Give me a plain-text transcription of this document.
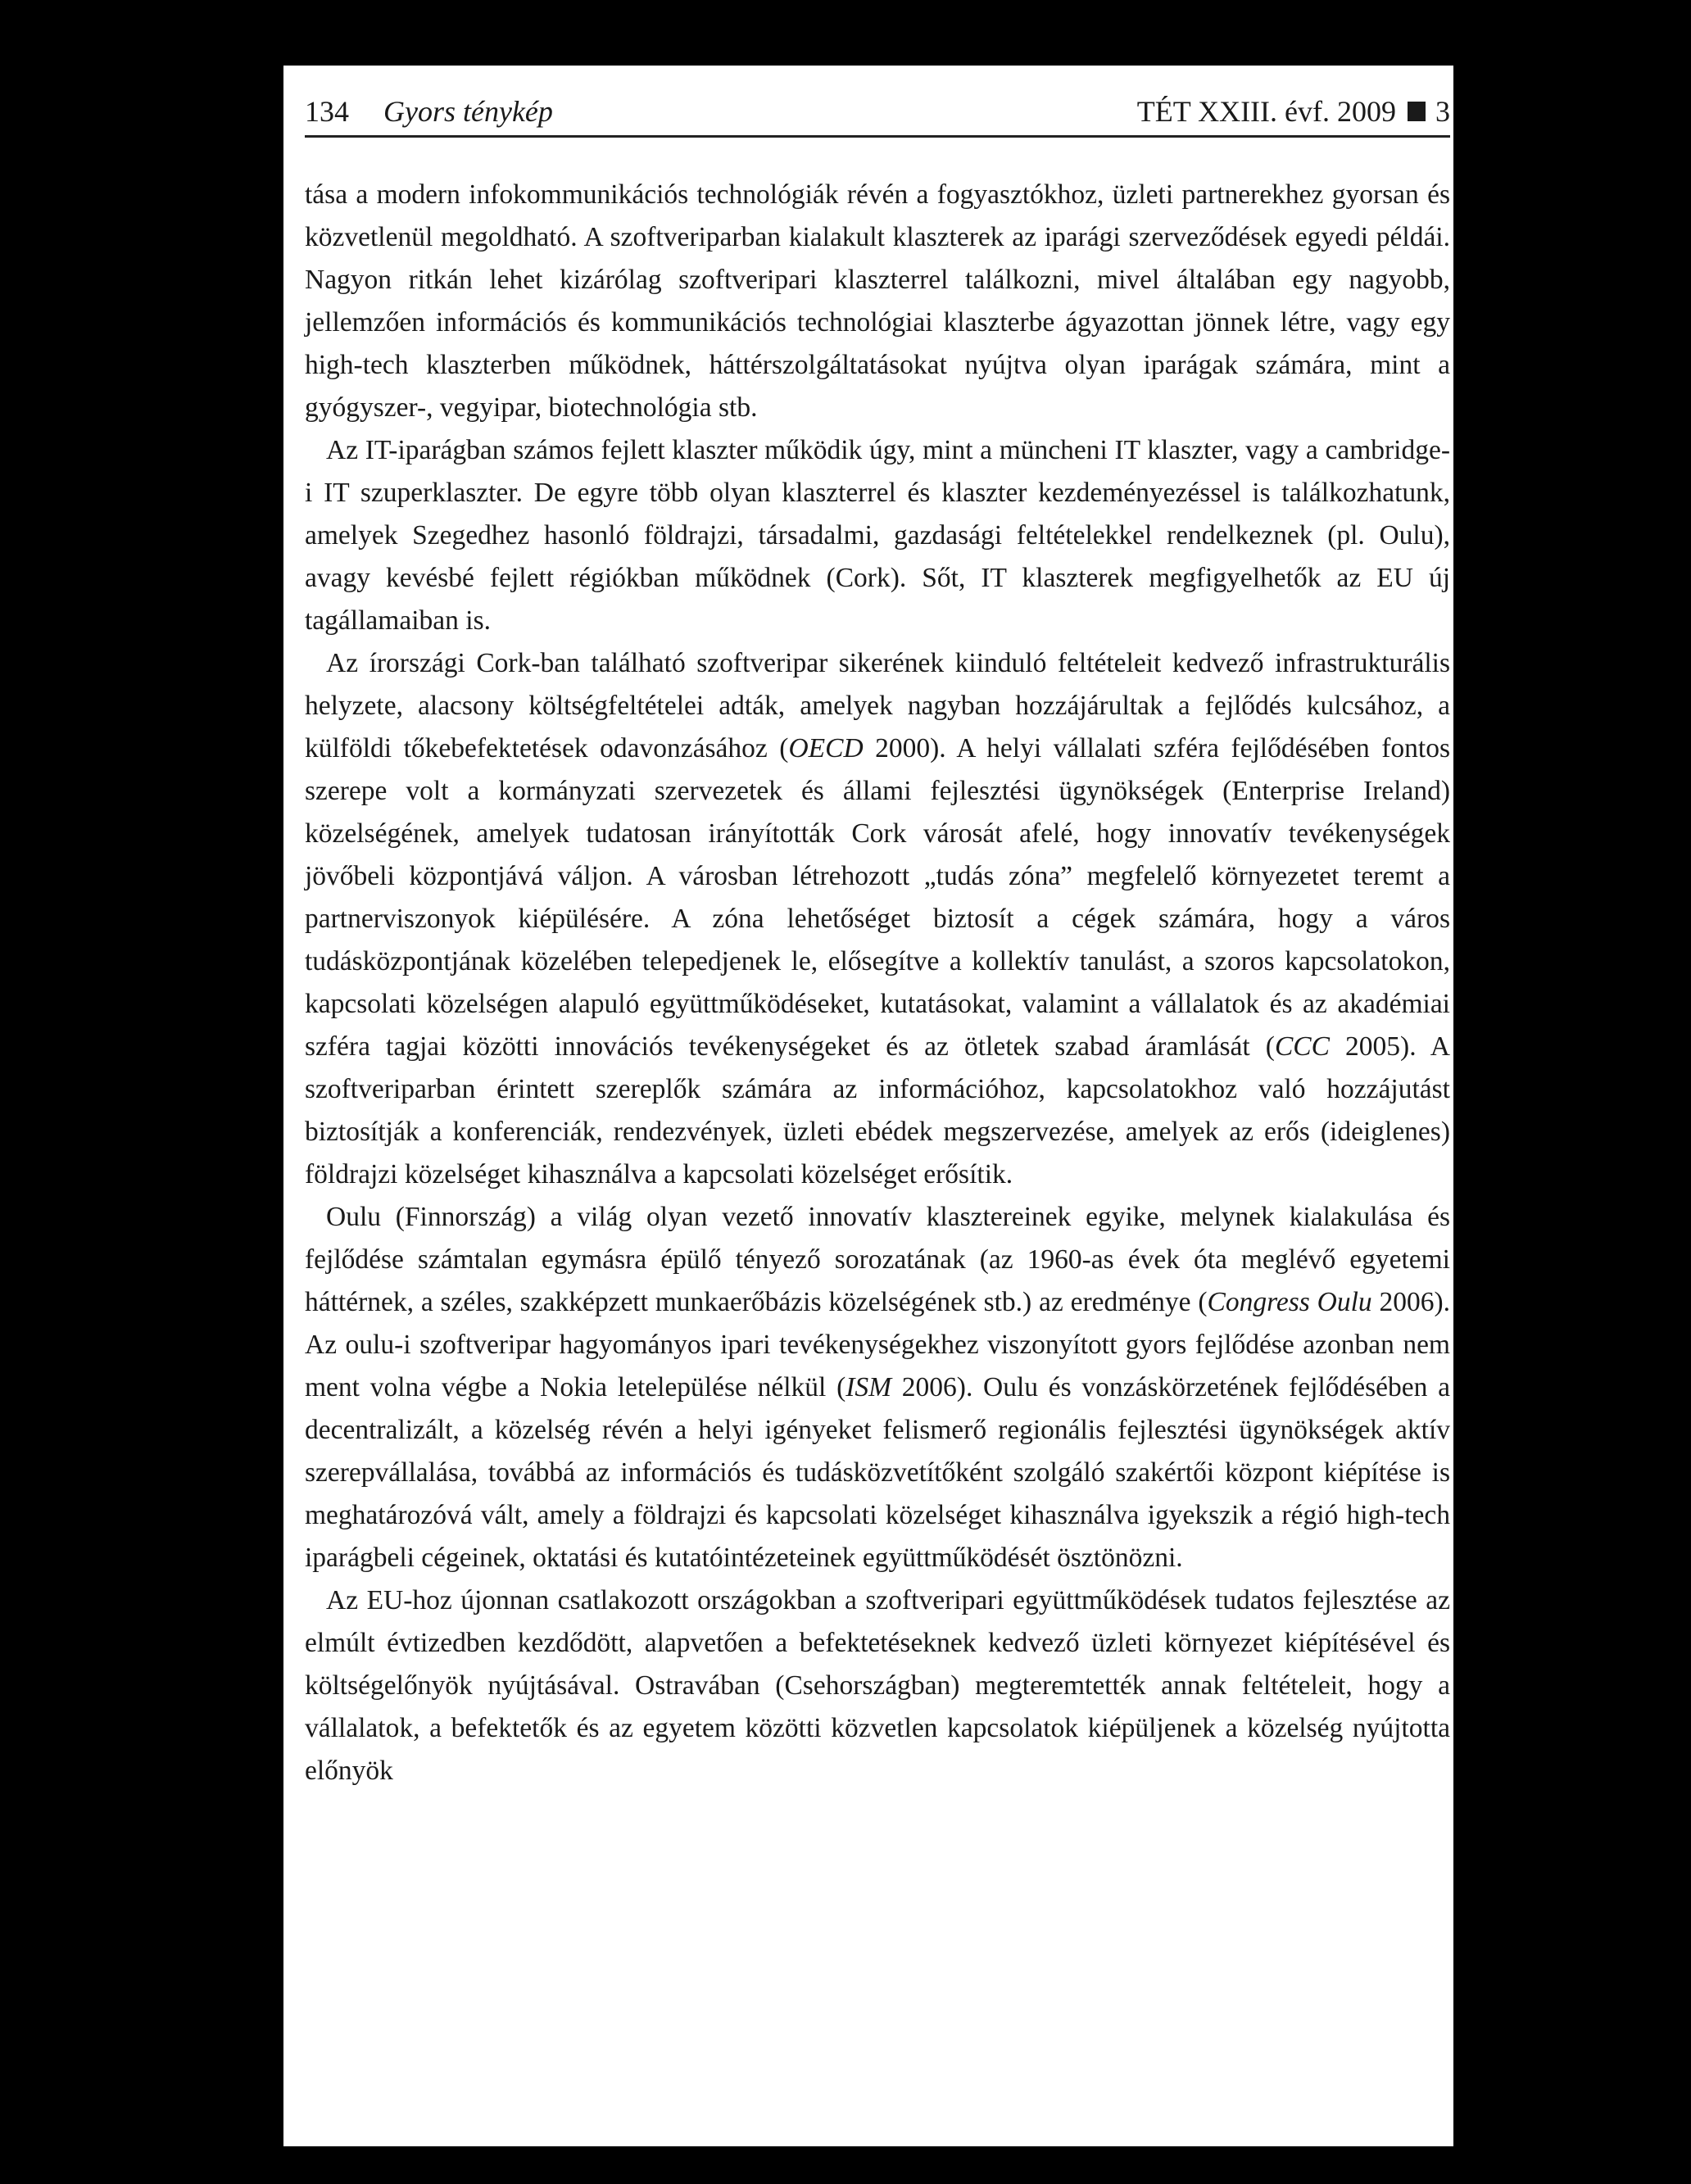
134 Gyors ténykép	TÉT XXIII. évf. 2009 3

tása a modern infokommunikációs technológiák révén a fogyasztókhoz, üzleti partnerekhez gyorsan és közvetlenül megoldható. A szoftveriparban kialakult klaszterek az iparági szerveződések egyedi példái. Nagyon ritkán lehet kizárólag szoftveripari klaszterrel találkozni, mivel általában egy nagyobb, jellemzően információs és kommunikációs technológiai klaszterbe ágyazottan jönnek létre, vagy egy high-tech klaszterben működnek, háttérszolgáltatásokat nyújtva olyan iparágak számára, mint a gyógyszer-, vegyipar, biotechnológia stb.

Az IT-iparágban számos fejlett klaszter működik úgy, mint a müncheni IT klaszter, vagy a cambridge-i IT szuperklaszter. De egyre több olyan klaszterrel és klaszter kezdeményezéssel is találkozhatunk, amelyek Szegedhez hasonló földrajzi, társadalmi, gazdasági feltételekkel rendelkeznek (pl. Oulu), avagy kevésbé fejlett régiókban működnek (Cork). Sőt, IT klaszterek megfigyelhetők az EU új tagállamaiban is.

Az írországi Cork-ban található szoftveripar sikerének kiinduló feltételeit kedvező infrastrukturális helyzete, alacsony költségfeltételei adták, amelyek nagyban hozzájárultak a fejlődés kulcsához, a külföldi tőkebefektetések odavonzásához (OECD 2000). A helyi vállalati szféra fejlődésében fontos szerepe volt a kormányzati szervezetek és állami fejlesztési ügynökségek (Enterprise Ireland) közelségének, amelyek tudatosan irányították Cork városát afelé, hogy innovatív tevékenységek jövőbeli központjává váljon. A városban létrehozott „tudás zóna” megfelelő környezetet teremt a partnerviszonyok kiépülésére. A zóna lehetőséget biztosít a cégek számára, hogy a város tudásközpontjának közelében telepedjenek le, elősegítve a kollektív tanulást, a szoros kapcsolatokon, kapcsolati közelségen alapuló együttműködéseket, kutatásokat, valamint a vállalatok és az akadémiai szféra tagjai közötti innovációs tevékenységeket és az ötletek szabad áramlását (CCC 2005). A szoftveriparban érintett szereplők számára az információhoz, kapcsolatokhoz való hozzájutást biztosítják a konferenciák, rendezvények, üzleti ebédek megszervezése, amelyek az erős (ideiglenes) földrajzi közelséget kihasználva a kapcsolati közelséget erősítik.

Oulu (Finnország) a világ olyan vezető innovatív klasztereinek egyike, melynek kialakulása és fejlődése számtalan egymásra épülő tényező sorozatának (az 1960-as évek óta meglévő egyetemi háttérnek, a széles, szakképzett munkaerőbázis közelségének stb.) az eredménye (Congress Oulu 2006). Az oulu-i szoftveripar hagyományos ipari tevékenységekhez viszonyított gyors fejlődése azonban nem ment volna végbe a Nokia letelepülése nélkül (ISM 2006). Oulu és vonzáskörzetének fejlődésében a decentralizált, a közelség révén a helyi igényeket felismerő regionális fejlesztési ügynökségek aktív szerepvállalása, továbbá az információs és tudásközvetítőként szolgáló szakértői központ kiépítése is meghatározóvá vált, amely a földrajzi és kapcsolati közelséget kihasználva igyekszik a régió high-tech iparágbeli cégeinek, oktatási és kutatóintézeteinek együttműködését ösztönözni.

Az EU-hoz újonnan csatlakozott országokban a szoftveripari együttműködések tudatos fejlesztése az elmúlt évtizedben kezdődött, alapvetően a befektetéseknek kedvező üzleti környezet kiépítésével és költségelőnyök nyújtásával. Ostravában (Csehországban) megteremtették annak feltételeit, hogy a vállalatok, a befektetők és az egyetem közötti közvetlen kapcsolatok kiépüljenek a közelség nyújtotta előnyök
